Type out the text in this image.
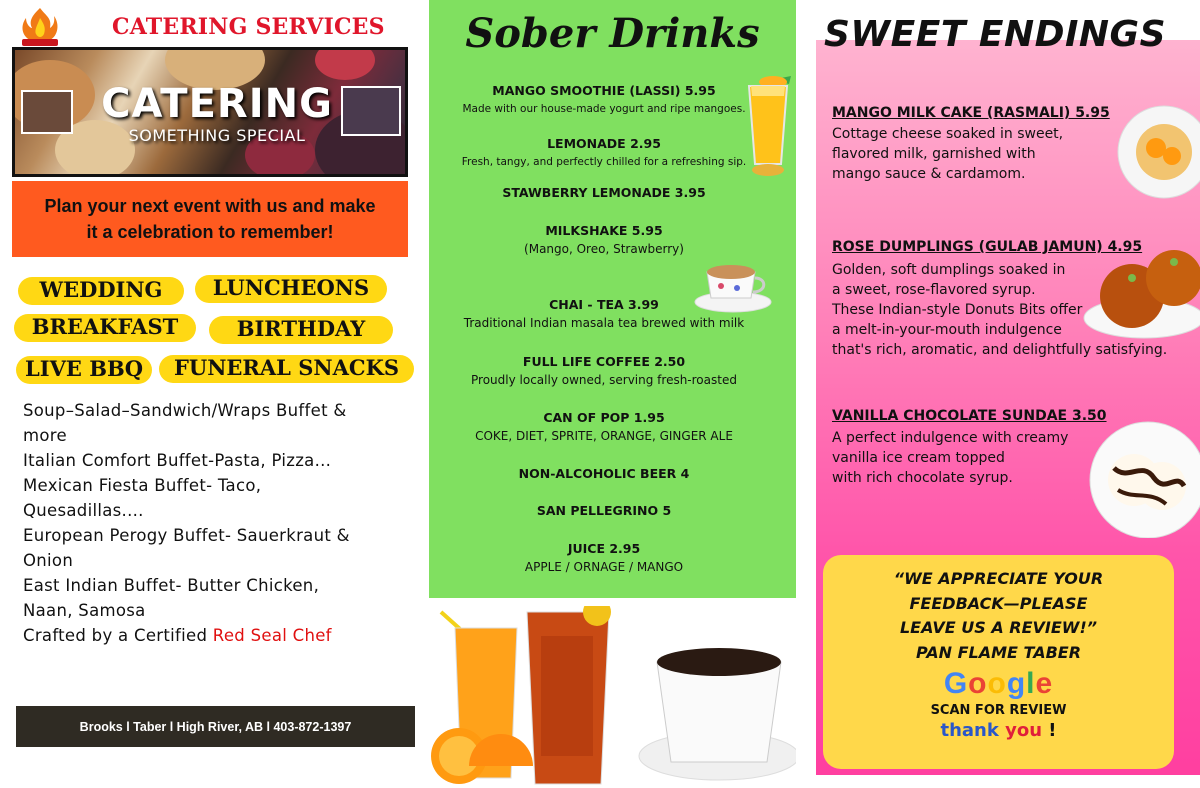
CATERING SERVICES
CATERING
SOMETHING SPECIAL
Plan your next event with us and make it a celebration to remember!
WEDDING	LUNCHEONS
BREAKFAST	BIRTHDAY
LIVE BBQ	FUNERAL SNACKS
Soup–Salad–Sandwich/Wraps Buffet &
more
Italian Comfort Buffet-Pasta, Pizza...
Mexican Fiesta Buffet- Taco,
Quesadillas....
European Perogy Buffet- Sauerkraut &
Onion
East Indian Buffet- Butter Chicken,
Naan, Samosa
Crafted by a Certified Red Seal Chef
Brooks l Taber l High River, AB l 403-872-1397
Sober Drinks
MANGO SMOOTHIE (LASSI) 5.95
Made with our house-made yogurt and ripe mangoes.
LEMONADE 2.95
Fresh, tangy, and perfectly chilled for a refreshing sip.
STAWBERRY LEMONADE 3.95
MILKSHAKE 5.95
(Mango, Oreo, Strawberry)
CHAI - TEA 3.99
Traditional Indian masala tea brewed with milk
FULL LIFE COFFEE 2.50
Proudly locally owned, serving fresh-roasted
CAN OF POP 1.95
COKE, DIET, SPRITE, ORANGE, GINGER ALE
NON-ALCOHOLIC BEER 4
SAN PELLEGRINO 5
JUICE 2.95
APPLE / ORNAGE / MANGO
SWEET ENDINGS
MANGO MILK CAKE (RASMALI) 5.95
Cottage cheese soaked in sweet,
flavored milk, garnished with
mango sauce & cardamom.
ROSE DUMPLINGS (GULAB JAMUN) 4.95
Golden, soft dumplings soaked in
a sweet, rose-flavored syrup.
These Indian-style Donuts Bits offer
a melt-in-your-mouth indulgence
that's rich, aromatic, and delightfully satisfying.
VANILLA CHOCOLATE SUNDAE 3.50
A perfect indulgence with creamy
vanilla ice cream topped
with rich chocolate syrup.
“WE APPRECIATE YOUR
FEEDBACK—PLEASE
LEAVE US A REVIEW!”
PAN FLAME TABER
Google
SCAN FOR REVIEW
thank you !
